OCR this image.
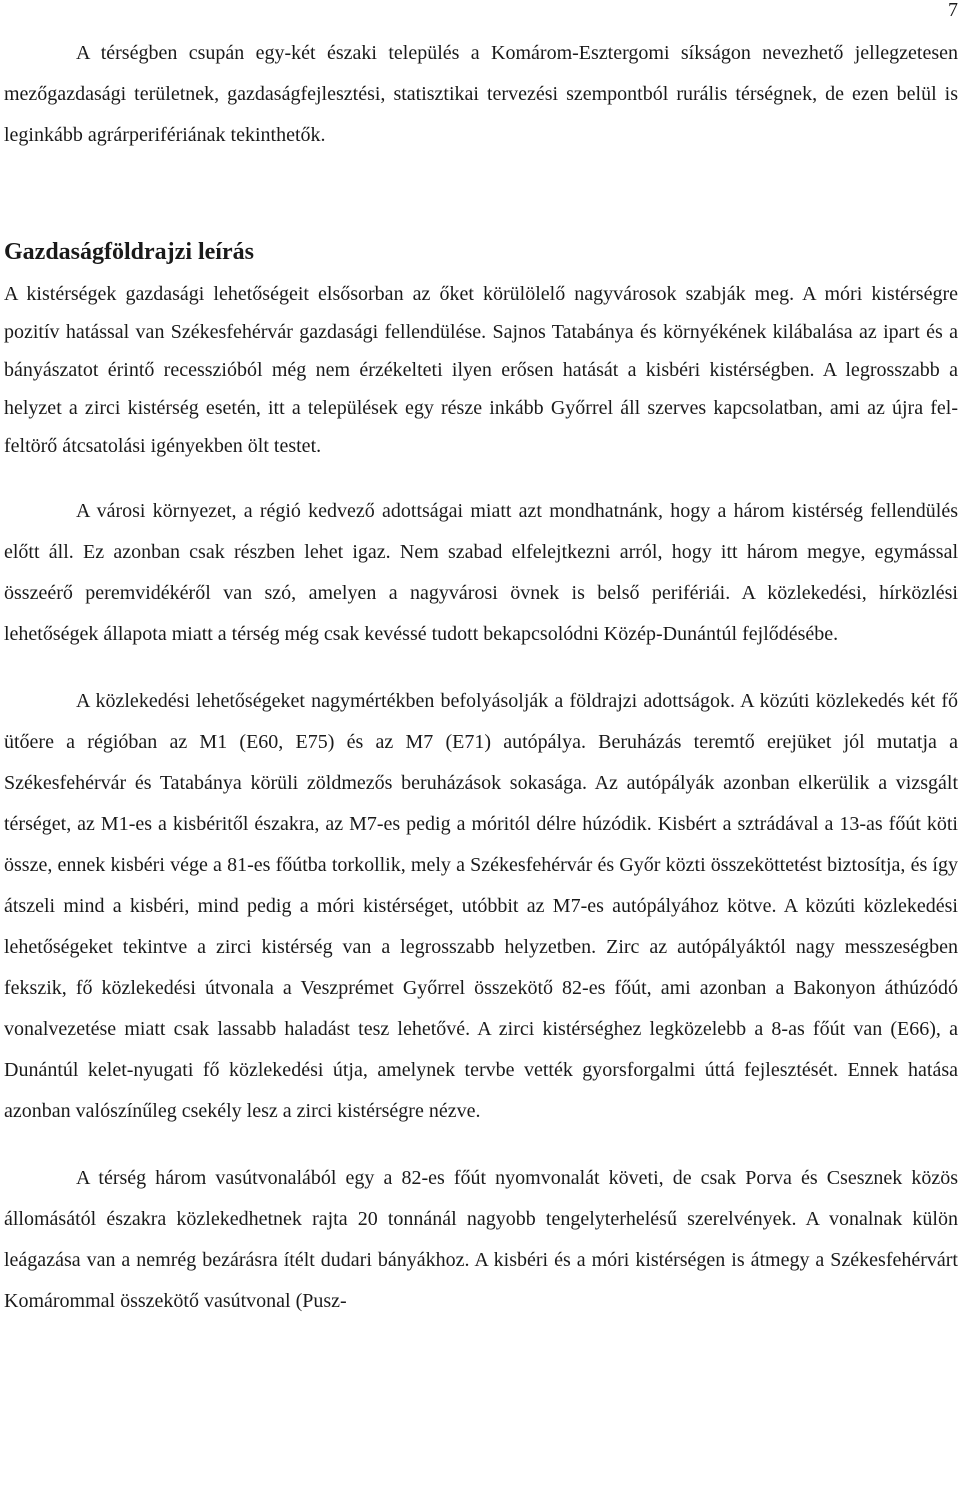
7

A térségben csupán egy-két északi település a Komárom-Esztergomi síkságon nevezhető jellegzetesen mezőgazdasági területnek, gazdaságfejlesztési, statisztikai tervezési szempontból rurális térségnek, de ezen belül is leginkább agrárperifériának tekinthetők.

Gazdaságföldrajzi leírás

A kistérségek gazdasági lehetőségeit elsősorban az őket körülölelő nagyvárosok szabják meg. A móri kistérségre pozitív hatással van Székesfehérvár gazdasági fellendülése. Sajnos Tatabánya és környékének kilábalása az ipart és a bányászatot érintő recesszióból még nem érzékelteti ilyen erősen hatását a kisbéri kistérségben. A legrosszabb a helyzet a zirci kistérség esetén, itt a települések egy része inkább Győrrel áll szerves kapcsolatban, ami az újra fel-feltörő átcsatolási igényekben ölt testet.

A városi környezet, a régió kedvező adottságai miatt azt mondhatnánk, hogy a három kistérség fellendülés előtt áll. Ez azonban csak részben lehet igaz. Nem szabad elfelejtkezni arról, hogy itt három megye, egymással összeérő peremvidékéről van szó, amelyen a nagyvárosi övnek is belső perifériái. A közlekedési, hírközlési lehetőségek állapota miatt a térség még csak kevéssé tudott bekapcsolódni Közép-Dunántúl fejlődésébe.

A közlekedési lehetőségeket nagymértékben befolyásolják a földrajzi adottságok. A közúti közlekedés két fő ütőere a régióban az M1 (E60, E75) és az M7 (E71) autópálya. Beruházás teremtő erejüket jól mutatja a Székesfehérvár és Tatabánya körüli zöldmezős beruházások sokasága. Az autópályák azonban elkerülik a vizsgált térséget, az M1-es a kisbéritől északra, az M7-es pedig a móritól délre húzódik. Kisbért a sztrádával a 13-as főút köti össze, ennek kisbéri vége a 81-es főútba torkollik, mely a Székesfehérvár és Győr közti összeköttetést biztosítja, és így átszeli mind a kisbéri, mind pedig a móri kistérséget, utóbbit az M7-es autópályához kötve. A közúti közlekedési lehetőségeket tekintve a zirci kistérség van a legrosszabb helyzetben. Zirc az autópályáktól nagy messzeségben fekszik, fő közlekedési útvonala a Veszprémet Győrrel összekötő 82-es főút, ami azonban a Bakonyon áthúzódó vonalvezetése miatt csak lassabb haladást tesz lehetővé. A zirci kistérséghez legközelebb a 8-as főút van (E66), a Dunántúl kelet-nyugati fő közlekedési útja, amelynek tervbe vették gyorsforgalmi úttá fejlesztését. Ennek hatása azonban valószínűleg csekély lesz a zirci kistérségre nézve.

A térség három vasútvonalából egy a 82-es főút nyomvonalát követi, de csak Porva és Csesznek közös állomásától északra közlekedhetnek rajta 20 tonnánál nagyobb tengelyterhelésű szerelvények. A vonalnak külön leágazása van a nemrég bezárásra ítélt dudari bányákhoz. A kisbéri és a móri kistérségen is átmegy a Székesfehérvárt Komárommal összekötő vasútvonal (Pusz-
